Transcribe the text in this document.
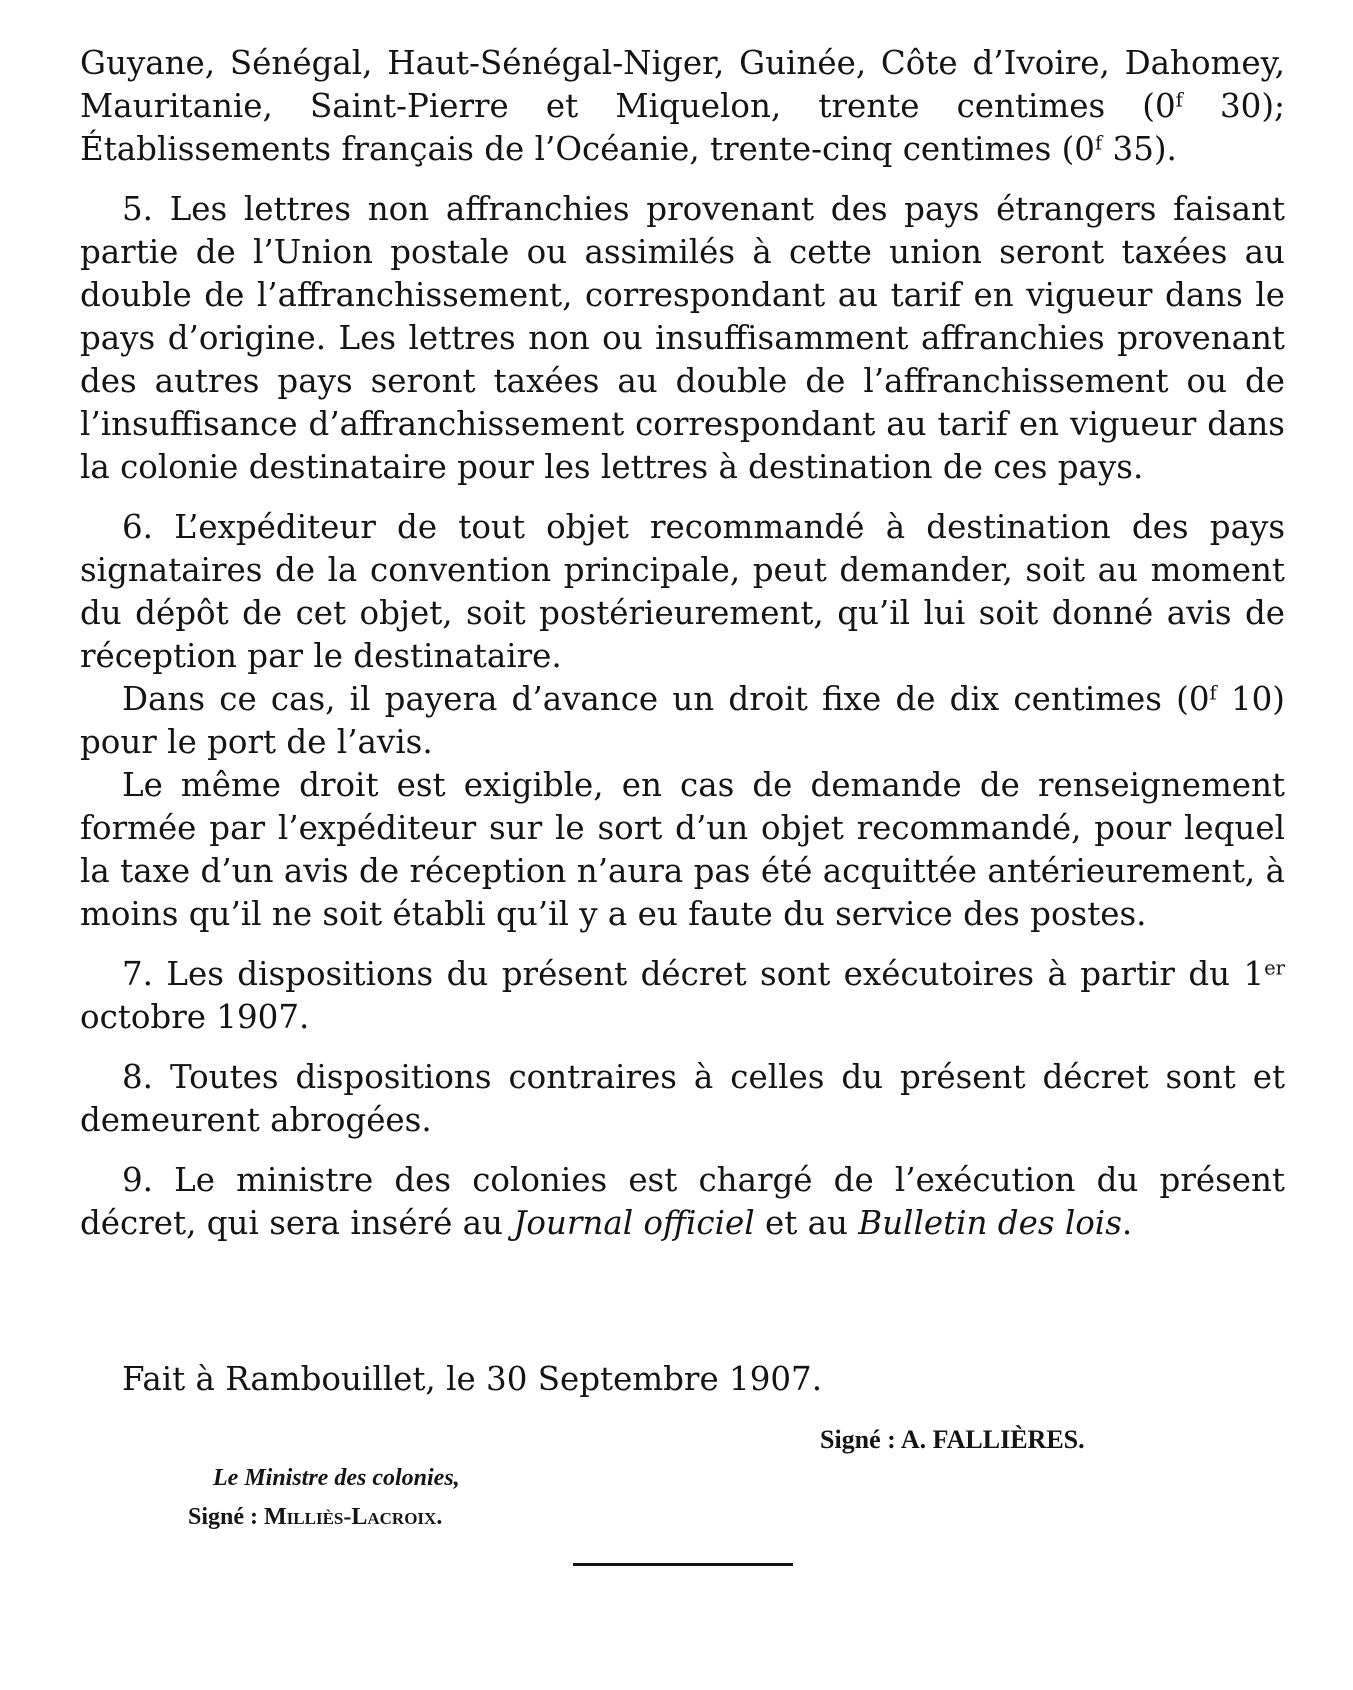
Guyane, Sénégal, Haut-Sénégal-Niger, Guinée, Côte d’Ivoire, Dahomey, Mauritanie, Saint-Pierre et Miquelon, trente centimes (0$^f$ 30); Établissements français de l’Océanie, trente-cinq centimes (0$^f$ 35).

5. Les lettres non affranchies provenant des pays étrangers faisant partie de l’Union postale ou assimilés à cette union seront taxées au double de l’affranchissement, correspondant au tarif en vigueur dans le pays d’origine. Les lettres non ou insuffisamment affranchies provenant des autres pays seront taxées au double de l’affranchissement ou de l’insuffisance d’affranchissement correspondant au tarif en vigueur dans la colonie destinataire pour les lettres à destination de ces pays.

6. L’expéditeur de tout objet recommandé à destination des pays signataires de la convention principale, peut demander, soit au moment du dépôt de cet objet, soit postérieurement, qu’il lui soit donné avis de réception par le destinataire.

Dans ce cas, il payera d’avance un droit fixe de dix centimes (0$^f$ 10) pour le port de l’avis.

Le même droit est exigible, en cas de demande de renseignement formée par l’expéditeur sur le sort d’un objet recommandé, pour lequel la taxe d’un avis de réception n’aura pas été acquittée antérieurement, à moins qu’il ne soit établi qu’il y a eu faute du service des postes.

7. Les dispositions du présent décret sont exécutoires à partir du 1er octobre 1907.

8. Toutes dispositions contraires à celles du présent décret sont et demeurent abrogées.

9. Le ministre des colonies est chargé de l’exécution du présent décret, qui sera inséré au Journal officiel et au Bulletin des lois.

Fait à Rambouillet, le 30 Septembre 1907.
Signé : A. FALLIÈRES.
Le Ministre des colonies,
Signé : Milliès-Lacroix.
